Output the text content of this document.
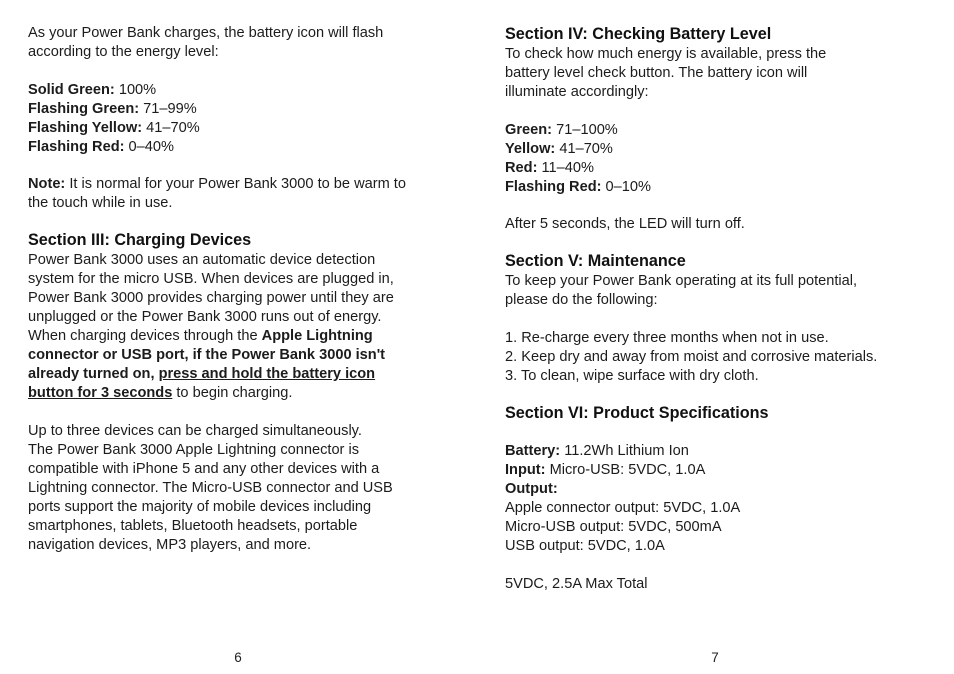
As your Power Bank charges, the battery icon will flash
according to the energy level:
Solid Green: 100%
Flashing Green: 71–99%
Flashing Yellow: 41–70%
Flashing Red: 0–40%
Note: It is normal for your Power Bank 3000 to be warm to
the touch while in use.
Section III: Charging Devices
Power Bank 3000 uses an automatic device detection
system for the micro USB. When devices are plugged in,
Power Bank 3000 provides charging power until they are
unplugged or the Power Bank 3000 runs out of energy.
When charging devices through the Apple Lightning
connector or USB port, if the Power Bank 3000 isn't
already turned on, press and hold the battery icon
button for 3 seconds to begin charging.
Up to three devices can be charged simultaneously.
The Power Bank 3000 Apple Lightning connector is
compatible with iPhone 5 and any other devices with a
Lightning connector. The Micro-USB connector and USB
ports support the majority of mobile devices including
smartphones, tablets, Bluetooth headsets, portable
navigation devices, MP3 players, and more.
Section IV: Checking Battery Level
To check how much energy is available, press the
battery level check button. The battery icon will
illuminate accordingly:
Green: 71–100%
Yellow: 41–70%
Red: 11–40%
Flashing Red: 0–10%
After 5 seconds, the LED will turn off.
Section V: Maintenance
To keep your Power Bank operating at its full potential,
please do the following:
1. Re-charge every three months when not in use.
2. Keep dry and away from moist and corrosive materials.
3. To clean, wipe surface with dry cloth.
Section VI: Product Specifications
Battery: 11.2Wh Lithium Ion
Input: Micro-USB: 5VDC, 1.0A
Output:
Apple connector output: 5VDC, 1.0A
Micro-USB output: 5VDC, 500mA
USB output: 5VDC, 1.0A
5VDC, 2.5A Max Total
6	7
